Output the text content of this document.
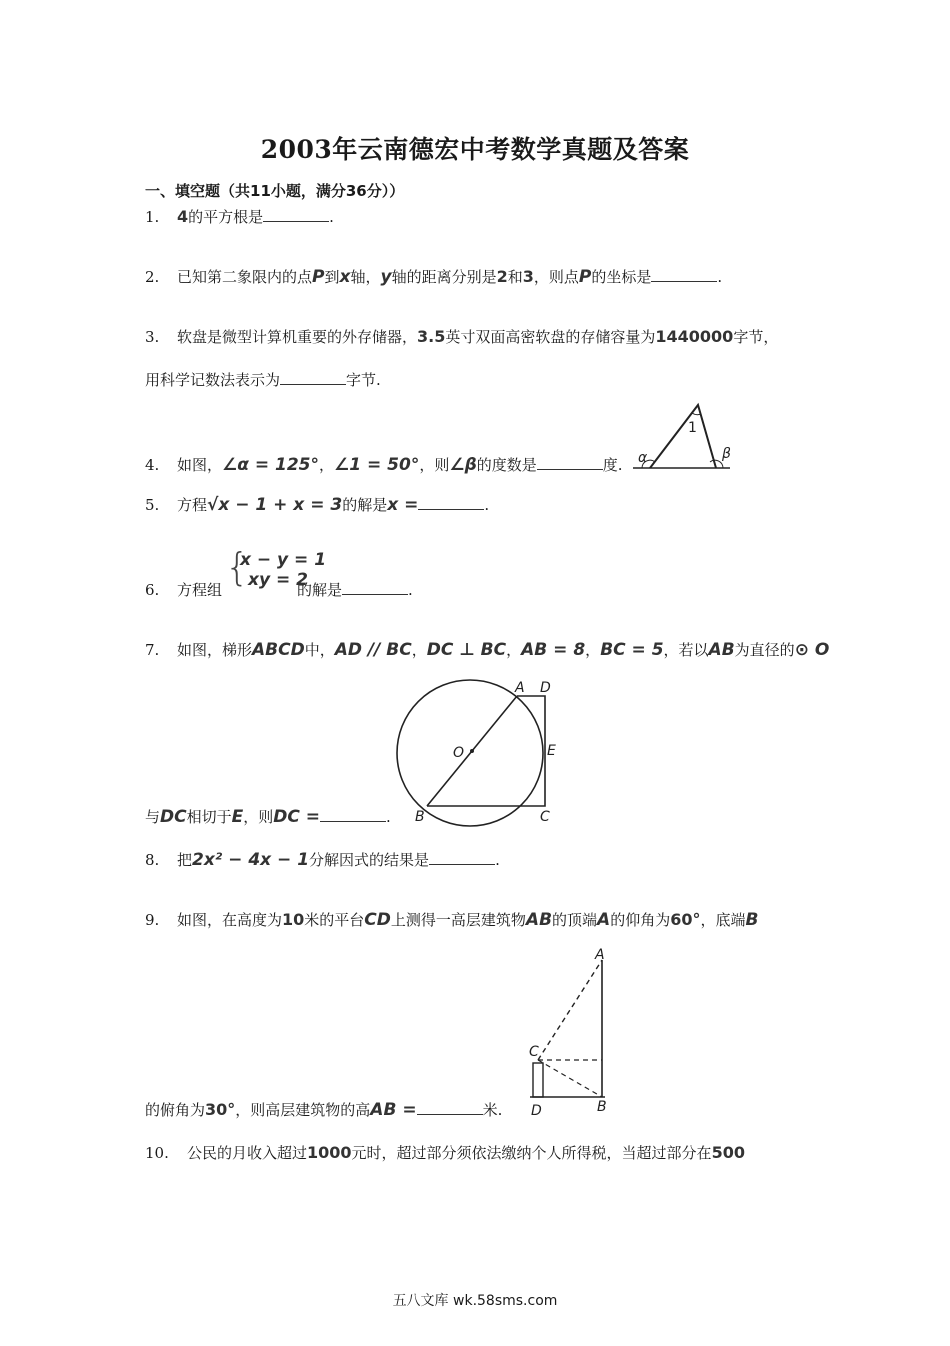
2003年云南德宏中考数学真题及答案
一、填空题（共11小题，满分36分））
1. 4的平方根是	.
2. 已知第二象限内的点P到x轴，y轴的距离分别是2和3，则点P的坐标是	.
3. 软盘是微型计算机重要的外存储器，3.5英寸双面高密软盘的存储容量为1440000字节，
用科学记数法表示为	字节.
4. 如图，∠α = 125°，∠1 = 50°，则∠β的度数是	度.
1
α	β
5. 方程√x − 1 + x = 3的解是x =	.
6. 方程组	的解是	.
{
x − y = 1
xy = 2
7. 如图，梯形ABCD中，AD // BC，DC ⊥ BC，AB = 8，BC = 5，若以AB为直径的⊙ O
A D
O	E
B	C
与DC相切于E，则DC =	.
8. 把2x² − 4x − 1分解因式的结果是	.
9. 如图，在高度为10米的平台CD上测得一高层建筑物AB的顶端A的仰角为60°，底端B
A
C
D	B
的俯角为30°，则高层建筑物的高AB =	米.
10. 公民的月收入超过1000元时，超过部分须依法缴纳个人所得税，当超过部分在500
五八文库 wk.58sms.com
